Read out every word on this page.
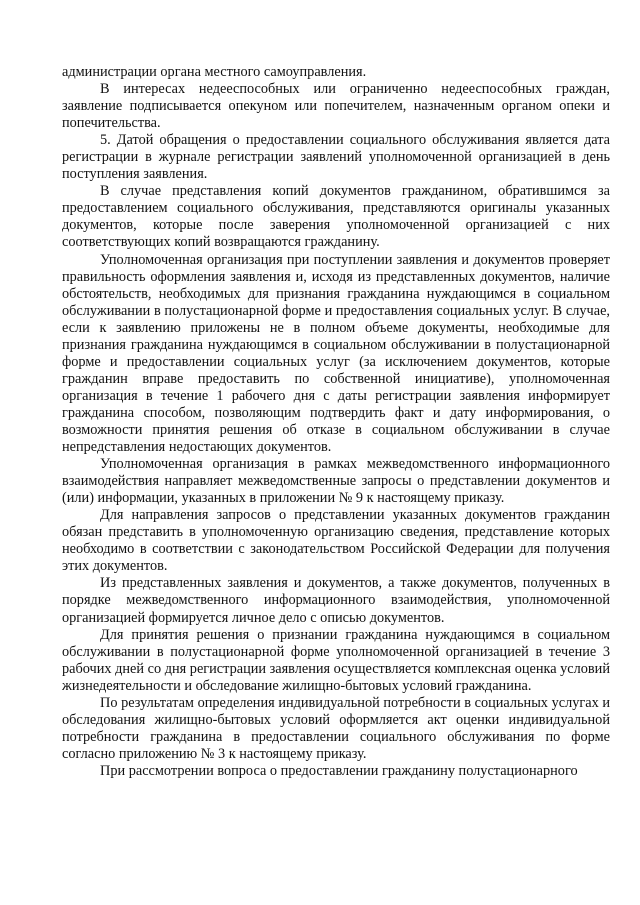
администрации органа местного самоуправления.

В интересах недееспособных или ограниченно недееспособных граждан, заявление подписывается опекуном или попечителем, назначенным органом опеки и попечительства.

5. Датой обращения о предоставлении социального обслуживания является дата регистрации в журнале регистрации заявлений уполномоченной организацией в день поступления заявления.

В случае представления копий документов гражданином, обратившимся за предоставлением социального обслуживания, представляются оригиналы указанных документов, которые после заверения уполномоченной организацией с них соответствующих копий возвращаются гражданину.

Уполномоченная организация при поступлении заявления и документов проверяет правильность оформления заявления и, исходя из представленных документов, наличие обстоятельств, необходимых для признания гражданина нуждающимся в социальном обслуживании в полустационарной форме и предоставления социальных услуг. В случае, если к заявлению приложены не в полном объеме документы, необходимые для признания гражданина нуждающимся в социальном обслуживании в полустационарной форме и предоставлении социальных услуг (за исключением документов, которые гражданин вправе предоставить по собственной инициативе), уполномоченная организация в течение 1 рабочего дня с даты регистрации заявления информирует гражданина способом, позволяющим подтвердить факт и дату информирования, о возможности принятия решения об отказе в социальном обслуживании в случае непредставления недостающих документов.

Уполномоченная организация в рамках межведомственного информационного взаимодействия направляет межведомственные запросы о представлении документов и (или) информации, указанных в приложении № 9 к настоящему приказу.

Для направления запросов о представлении указанных документов гражданин обязан представить в уполномоченную организацию сведения, представление которых необходимо в соответствии с законодательством Российской Федерации для получения этих документов.

Из представленных заявления и документов, а также документов, полученных в порядке межведомственного информационного взаимодействия, уполномоченной организацией формируется личное дело с описью документов.

Для принятия решения о признании гражданина нуждающимся в социальном обслуживании в полустационарной форме уполномоченной организацией в течение 3 рабочих дней со дня регистрации заявления осуществляется комплексная оценка условий жизнедеятельности и обследование жилищно-бытовых условий гражданина.

По результатам определения индивидуальной потребности в социальных услугах и обследования жилищно-бытовых условий оформляется акт оценки индивидуальной потребности гражданина в предоставлении социального обслуживания по форме согласно приложению № 3 к настоящему приказу.

При рассмотрении вопроса о предоставлении гражданину полустационарного
